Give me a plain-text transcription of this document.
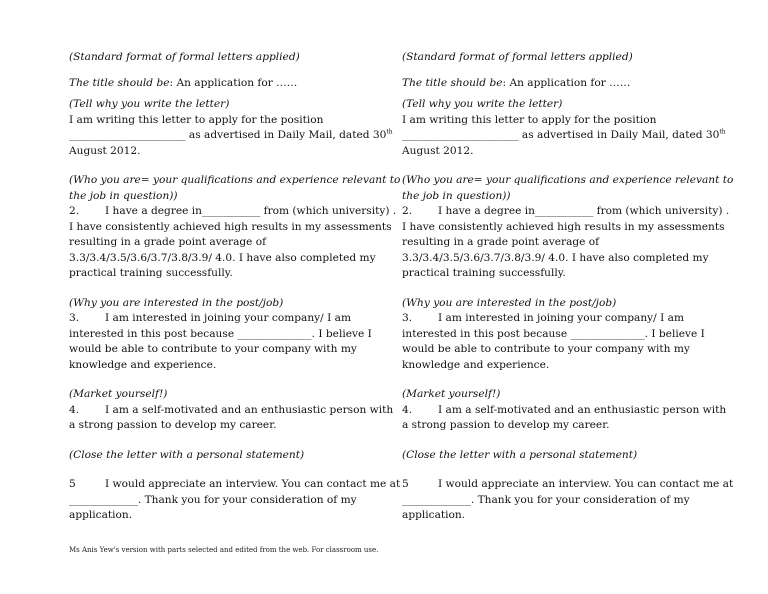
(Standard format of formal letters applied)
The title should be: An application for ……
(Tell why you write the letter)
I am writing this letter to apply for the position
______________________ as advertised in Daily Mail, dated 30th
August 2012.
(Who you are= your qualifications and experience relevant to
the job in question))
2. I have a degree in___________ from (which university) .
I have consistently achieved high results in my assessments
resulting in a grade point average of
3.3/3.4/3.5/3.6/3.7/3.8/3.9/ 4.0. I have also completed my
practical training successfully.
(Why you are interested in the post/job)
3. I am interested in joining your company/ I am
interested in this post because ______________. I believe I
would be able to contribute to your company with my
knowledge and experience.
(Market yourself!)
4. I am a self-motivated and an enthusiastic person with
a strong passion to develop my career.
(Close the letter with a personal statement)
5	I would appreciate an interview. You can contact me at
_____________. Thank you for your consideration of my
application.
(Standard format of formal letters applied)
The title should be: An application for ……
(Tell why you write the letter)
I am writing this letter to apply for the position
______________________ as advertised in Daily Mail, dated 30th
August 2012.
(Who you are= your qualifications and experience relevant to
the job in question))
2. I have a degree in___________ from (which university) .
I have consistently achieved high results in my assessments
resulting in a grade point average of
3.3/3.4/3.5/3.6/3.7/3.8/3.9/ 4.0. I have also completed my
practical training successfully.
(Why you are interested in the post/job)
3. I am interested in joining your company/ I am
interested in this post because ______________. I believe I
would be able to contribute to your company with my
knowledge and experience.
(Market yourself!)
4. I am a self-motivated and an enthusiastic person with
a strong passion to develop my career.
(Close the letter with a personal statement)
5	I would appreciate an interview. You can contact me at
_____________. Thank you for your consideration of my
application.
Ms Anis Yew's version with parts selected and edited from the web. For classroom use.
